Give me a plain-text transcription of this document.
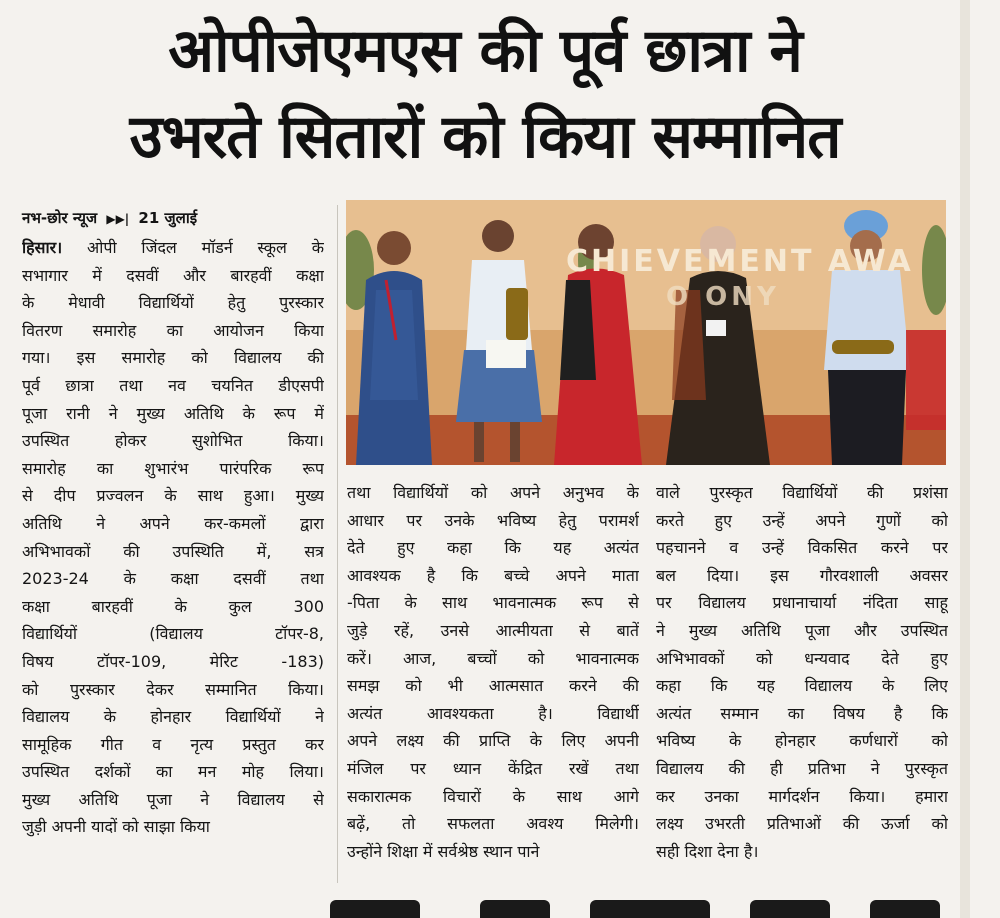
ओपीजेएमएस की पूर्व छात्रा ने
उभरते सितारों को किया सम्मानित
नभ-छोर न्यूज ▶▶| 21 जुलाई
CHIEVEMENT AWA
O ONY
हिसार। ओपी जिंदल मॉडर्न स्कूल के
सभागार में दसवीं और बारहवीं कक्षा
के मेधावी विद्यार्थियों हेतु पुरस्कार
वितरण समारोह का आयोजन किया
गया। इस समारोह को विद्यालय की
पूर्व छात्रा तथा नव चयनित डीएसपी
पूजा रानी ने मुख्य अतिथि के रूप में
उपस्थित होकर सुशोभित किया।
समारोह का शुभारंभ पारंपरिक रूप
से दीप प्रज्वलन के साथ हुआ। मुख्य
अतिथि ने अपने कर-कमलों द्वारा
अभिभावकों की उपस्थिति में, सत्र
2023-24 के कक्षा दसवीं तथा
कक्षा बारहवीं के कुल 300
विद्यार्थियों (विद्यालय टॉपर-8,
विषय टॉपर-109, मेरिट -183)
को पुरस्कार देकर सम्मानित किया।
विद्यालय के होनहार विद्यार्थियों ने
सामूहिक गीत व नृत्य प्रस्तुत कर
उपस्थित दर्शकों का मन मोह लिया।
मुख्य अतिथि पूजा ने विद्यालय से
जुड़ी अपनी यादों को साझा किया
तथा विद्यार्थियों को अपने अनुभव के
आधार पर उनके भविष्य हेतु परामर्श
देते हुए कहा कि यह अत्यंत
आवश्यक है कि बच्चे अपने माता
-पिता के साथ भावनात्मक रूप से
जुड़े रहें, उनसे आत्मीयता से बातें
करें। आज, बच्चों को भावनात्मक
समझ को भी आत्मसात करने की
अत्यंत आवश्यकता है। विद्यार्थी
अपने लक्ष्य की प्राप्ति के लिए अपनी
मंजिल पर ध्यान केंद्रित रखें तथा
सकारात्मक विचारों के साथ आगे
बढ़ें, तो सफलता अवश्य मिलेगी।
उन्होंने शिक्षा में सर्वश्रेष्ठ स्थान पाने
वाले पुरस्कृत विद्यार्थियों की प्रशंसा
करते हुए उन्हें अपने गुणों को
पहचानने व उन्हें विकसित करने पर
बल दिया। इस गौरवशाली अवसर
पर विद्यालय प्रधानाचार्या नंदिता साहू
ने मुख्य अतिथि पूजा और उपस्थित
अभिभावकों को धन्यवाद देते हुए
कहा कि यह विद्यालय के लिए
अत्यंत सम्मान का विषय है कि
भविष्य के होनहार कर्णधारों को
विद्यालय की ही प्रतिभा ने पुरस्कृत
कर उनका मार्गदर्शन किया। हमारा
लक्ष्य उभरती प्रतिभाओं की ऊर्जा को
सही दिशा देना है।
